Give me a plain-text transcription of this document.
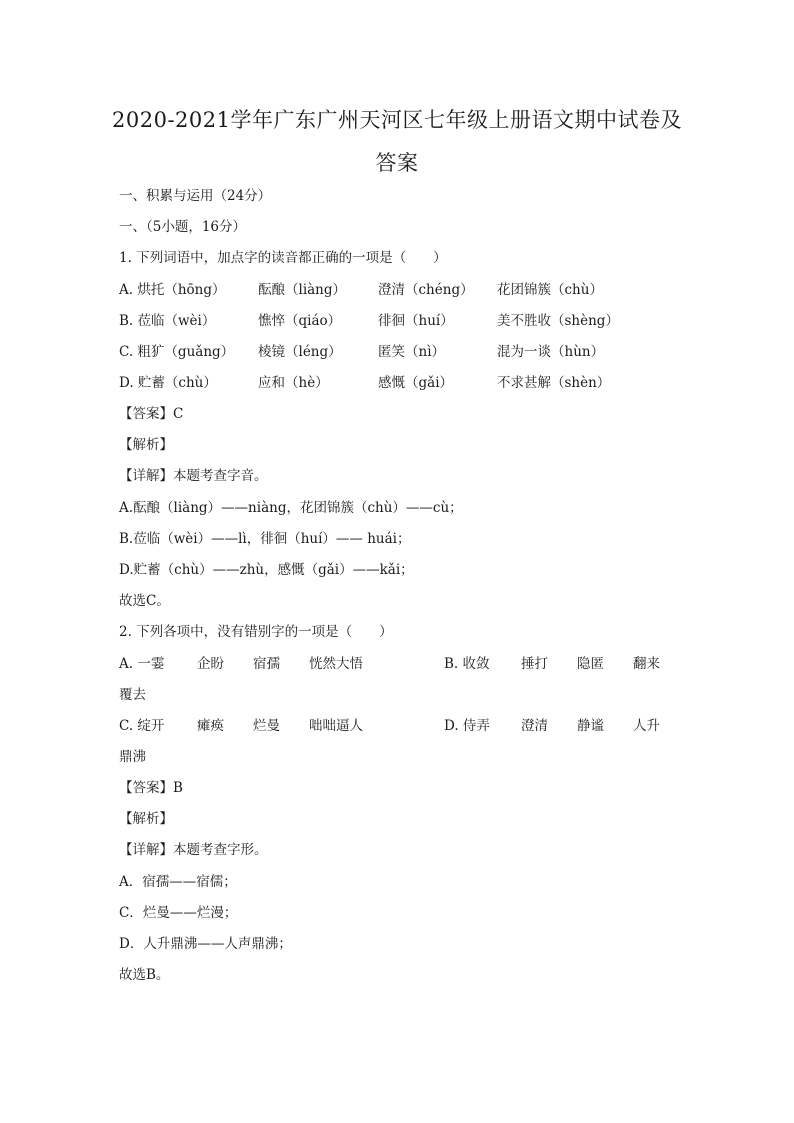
2020-2021学年广东广州天河区七年级上册语文期中试卷及
答案
一、积累与运用（24分）
一、（5小题，16分）
1. 下列词语中，加点字的读音都正确的一项是（　　）
A. 烘托（hōng） 酝酿（liàng） 澄清（chéng） 花团锦簇（chù）
B. 莅临（wèi）	憔悴（qiáo）	徘徊（huí）	美不胜收（shèng）
C. 粗犷（guǎng） 棱镜（léng）	匿笑（nì）	混为一谈（hùn）
D. 贮蓄（chù）	应和（hè）	感慨（gǎi）	不求甚解（shèn）
【答案】C
【解析】
【详解】本题考查字音。
A.酝酿（liàng）——niàng，花团锦簇（chù）——cù；
B.莅临（wèi）——lì，徘徊（huí）—— huái；
D.贮蓄（chù）——zhù，感慨（gǎi）——kǎi；
故选C。
2. 下列各项中，没有错别字的一项是（　　）
A. 一霎 企盼 宿孺 恍然大悟	B. 收敛 捶打 隐匿 翻来
覆去
C. 绽开 瘫痪 烂曼 咄咄逼人	D. 侍弄 澄清 静谧 人升
鼎沸
【答案】B
【解析】
【详解】本题考查字形。
A．宿孺——宿儒；
C．烂曼——烂漫；
D．人升鼎沸——人声鼎沸；
故选B。
